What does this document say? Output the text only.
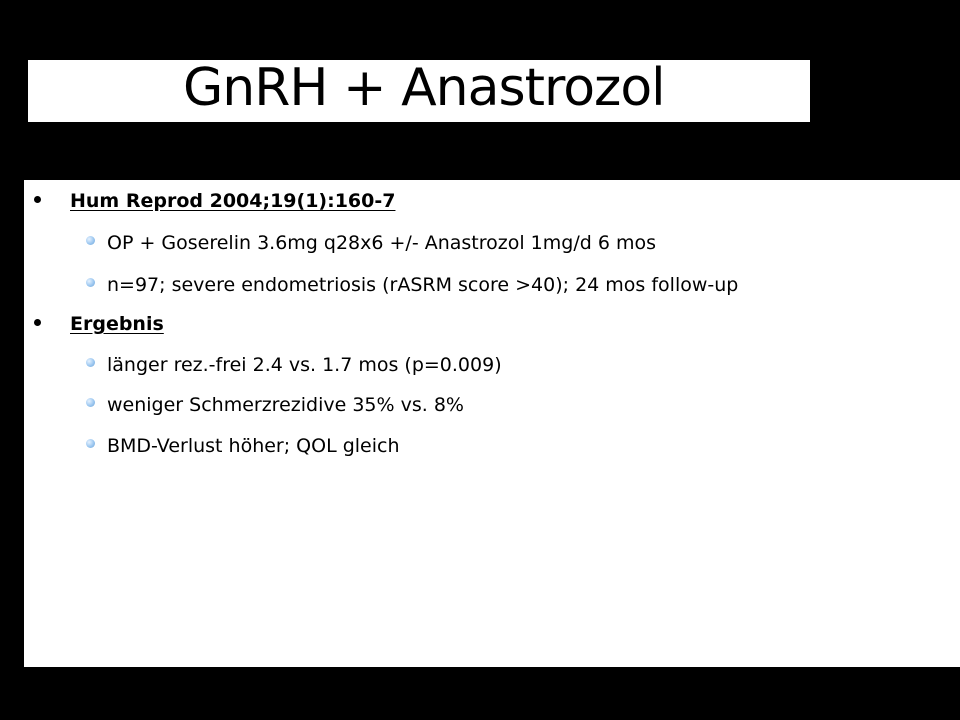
GnRH + Anastrozol
Hum Reprod 2004;19(1):160-7
OP + Goserelin 3.6mg q28x6 +/- Anastrozol 1mg/d 6 mos
n=97; severe endometriosis (rASRM score >40); 24 mos follow-up
Ergebnis
länger rez.-frei 2.4 vs. 1.7 mos (p=0.009)
weniger Schmerzrezidive 35% vs. 8%
BMD-Verlust höher; QOL gleich
